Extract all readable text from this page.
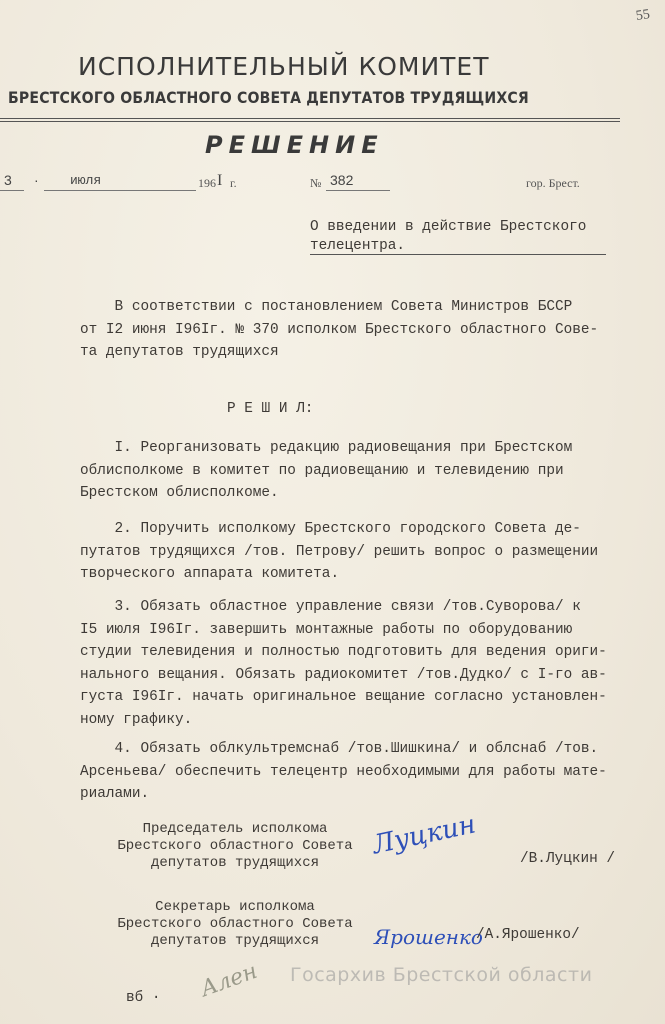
55
ИСПОЛНИТЕЛЬНЫЙ КОМИТЕТ
БРЕСТСКОГО ОБЛАСТНОГО СОВЕТА ДЕПУТАТОВ ТРУДЯЩИХСЯ
РЕШЕНИЕ
3 · июля	196 I г.	№ 382	гор. Брест.
О введении в действие Брестского
телецентра.
В соответствии с постановлением Совета Министров БССР
от I2 июня I96Iг. № 370 исполком Брестского областного Сове-
та депутатов трудящихся
Р Е Ш И Л:
I. Реорганизовать редакцию радиовещания при Брестском
облисполкоме в комитет по радиовещанию и телевидению при
Брестском облисполкоме.
2. Поручить исполкому Брестского городского Совета де-
путатов трудящихся /тов. Петрову/ решить вопрос о размещении
творческого аппарата комитета.
3. Обязать областное управление связи /тов.Суворова/ к
I5 июля I96Iг. завершить монтажные работы по оборудованию
студии телевидения и полностью подготовить для ведения ориги-
нального вещания. Обязать радиокомитет /тов.Дудко/ с I-го ав-
густа I96Iг. начать оригинальное вещание согласно установлен-
ному графику.
4. Обязать облкультремснаб /тов.Шишкина/ и облснаб /тов.
Арсеньева/ обеспечить телецентр необходимыми для работы мате-
риалами.
Председатель исполкома
Брестского областного Совета
депутатов трудящихся
Луцкин	/В.Луцкин /
Секретарь исполкома
Брестского областного Совета
депутатов трудящихся	Ярошенко
/А.Ярошенко/
Ален
вб ·
Госархив Брестской области
